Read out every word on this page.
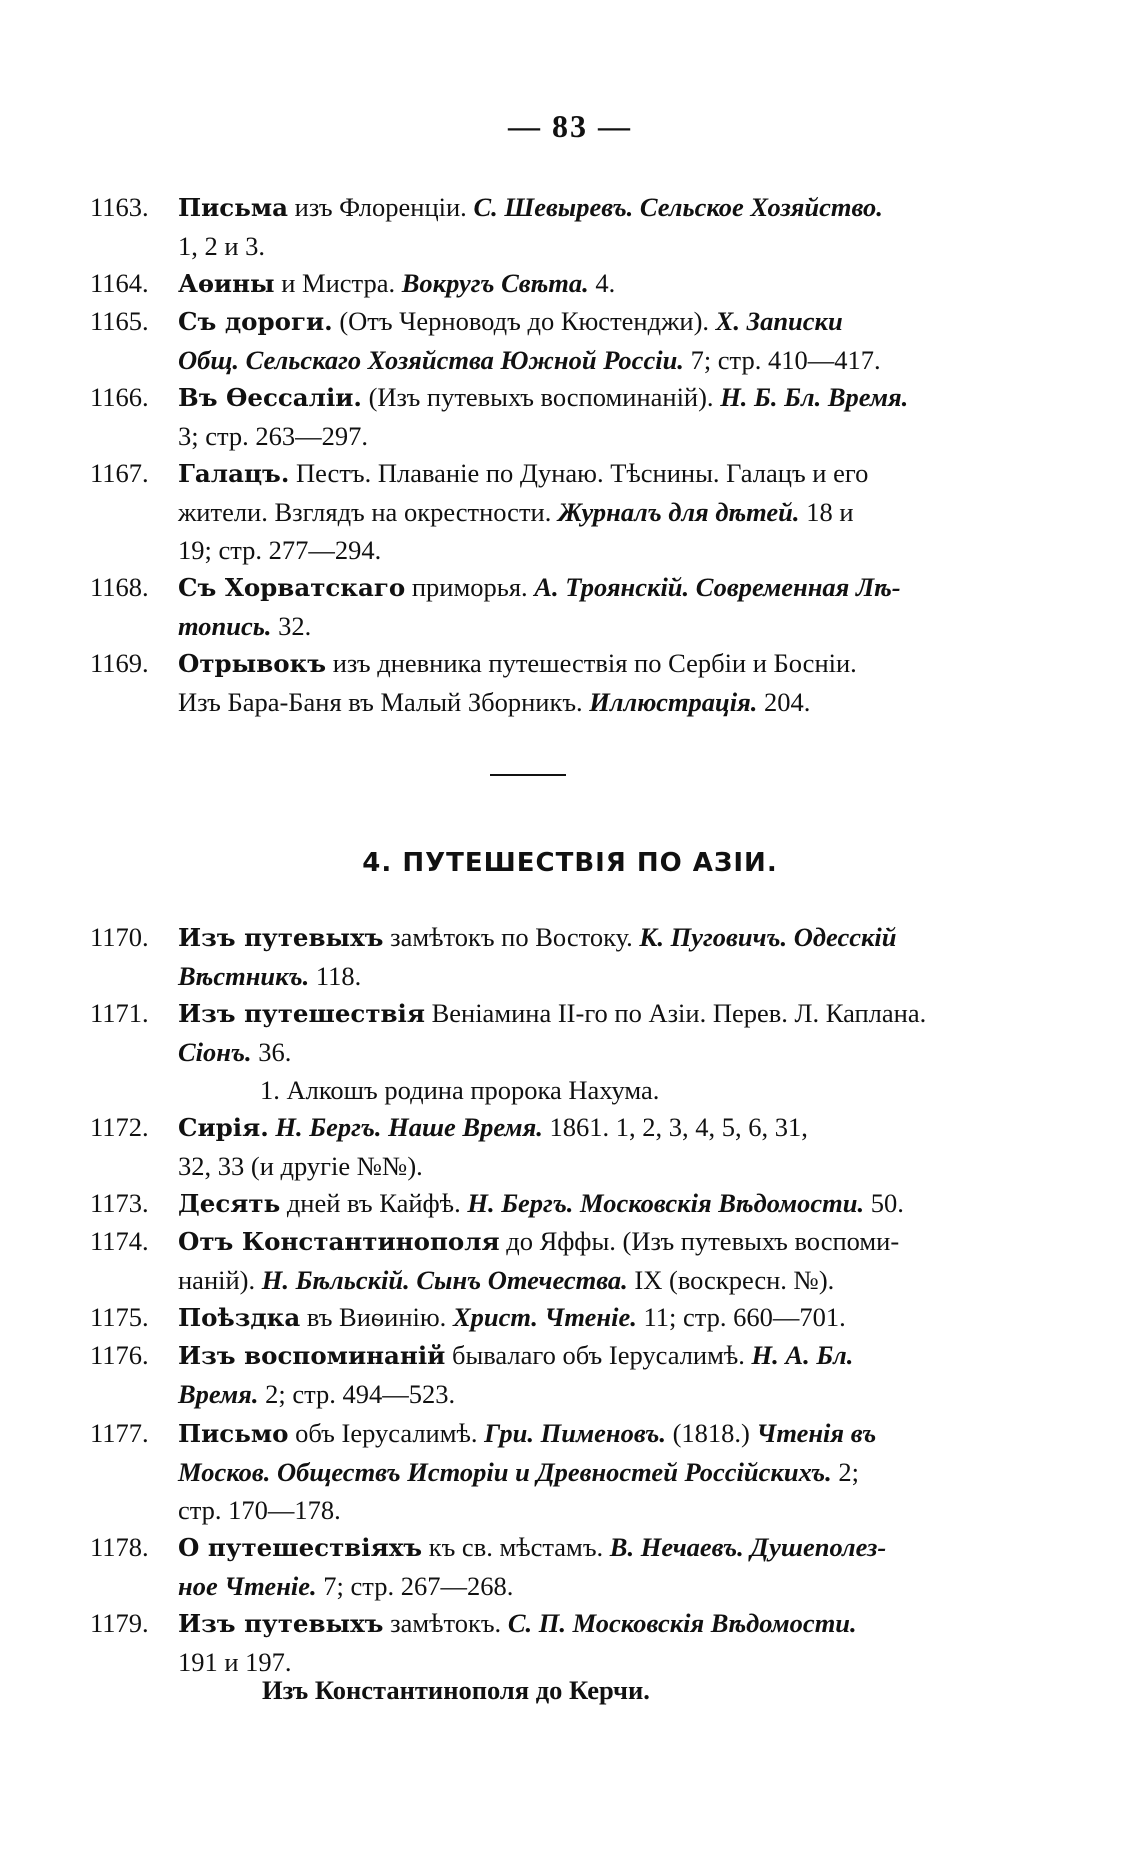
— 83 —
1163. Письма изъ Флоренціи. С. Шевыревъ. Сельское Хозяйство.
1, 2 и 3.
1164. Аѳины и Мистра. Вокругъ Свѣта. 4.
1165. Съ дороги. (Отъ Черноводъ до Кюстенджи). Х. Записки
Общ. Сельскаго Хозяйства Южной Россіи. 7; стр. 410—417.
1166. Въ Ѳессаліи. (Изъ путевыхъ воспоминаній). Н. Б. Бл. Время.
3; стр. 263—297.
1167. Галацъ. Пестъ. Плаваніе по Дунаю. Тѣснины. Галацъ и его
жители. Взглядъ на окрестности. Журналъ для дѣтей. 18 и
19; стр. 277—294.
1168. Съ Хорватскаго приморья. А. Троянскій. Современная Лѣ-
топись. 32.
1169. Отрывокъ изъ дневника путешествія по Сербіи и Босніи.
Изъ Бара-Баня въ Малый Зборникъ. Иллюстрація. 204.
4. ПУТЕШЕСТВІЯ ПО АЗІИ.
1170. Изъ путевыхъ замѣтокъ по Востоку. К. Пуговичъ. Одесскій
Вѣстникъ. 118.
1171. Изъ путешествія Веніамина II-го по Азіи. Перев. Л. Каплана.
Сіонъ. 36.
1. Алкошъ родина пророка Нахума.
1172. Сирія. Н. Бергъ. Наше Время. 1861. 1, 2, 3, 4, 5, 6, 31,
32, 33 (и другіе №№).
1173. Десять дней въ Кайфѣ. Н. Бергъ. Московскія Вѣдомости. 50.
1174. Отъ Константинополя до Яффы. (Изъ путевыхъ воспоми-
наній). Н. Бѣльскій. Сынъ Отечества. IX (воскресн. №).
1175. Поѣздка въ Виѳинію. Христ. Чтеніе. 11; стр. 660—701.
1176. Изъ воспоминаній бывалаго объ Іерусалимѣ. Н. А. Бл.
Время. 2; стр. 494—523.
1177. Письмо объ Іерусалимѣ. Гри. Пименовъ. (1818.) Чтенія въ
Москов. Обществъ Исторіи и Древностей Россійскихъ. 2;
стр. 170—178.
1178. О путешествіяхъ къ св. мѣстамъ. В. Нечаевъ. Душеполез-
ное Чтеніе. 7; стр. 267—268.
1179. Изъ путевыхъ замѣтокъ. С. П. Московскія Вѣдомости.
191 и 197.
Изъ Константинополя до Керчи.
